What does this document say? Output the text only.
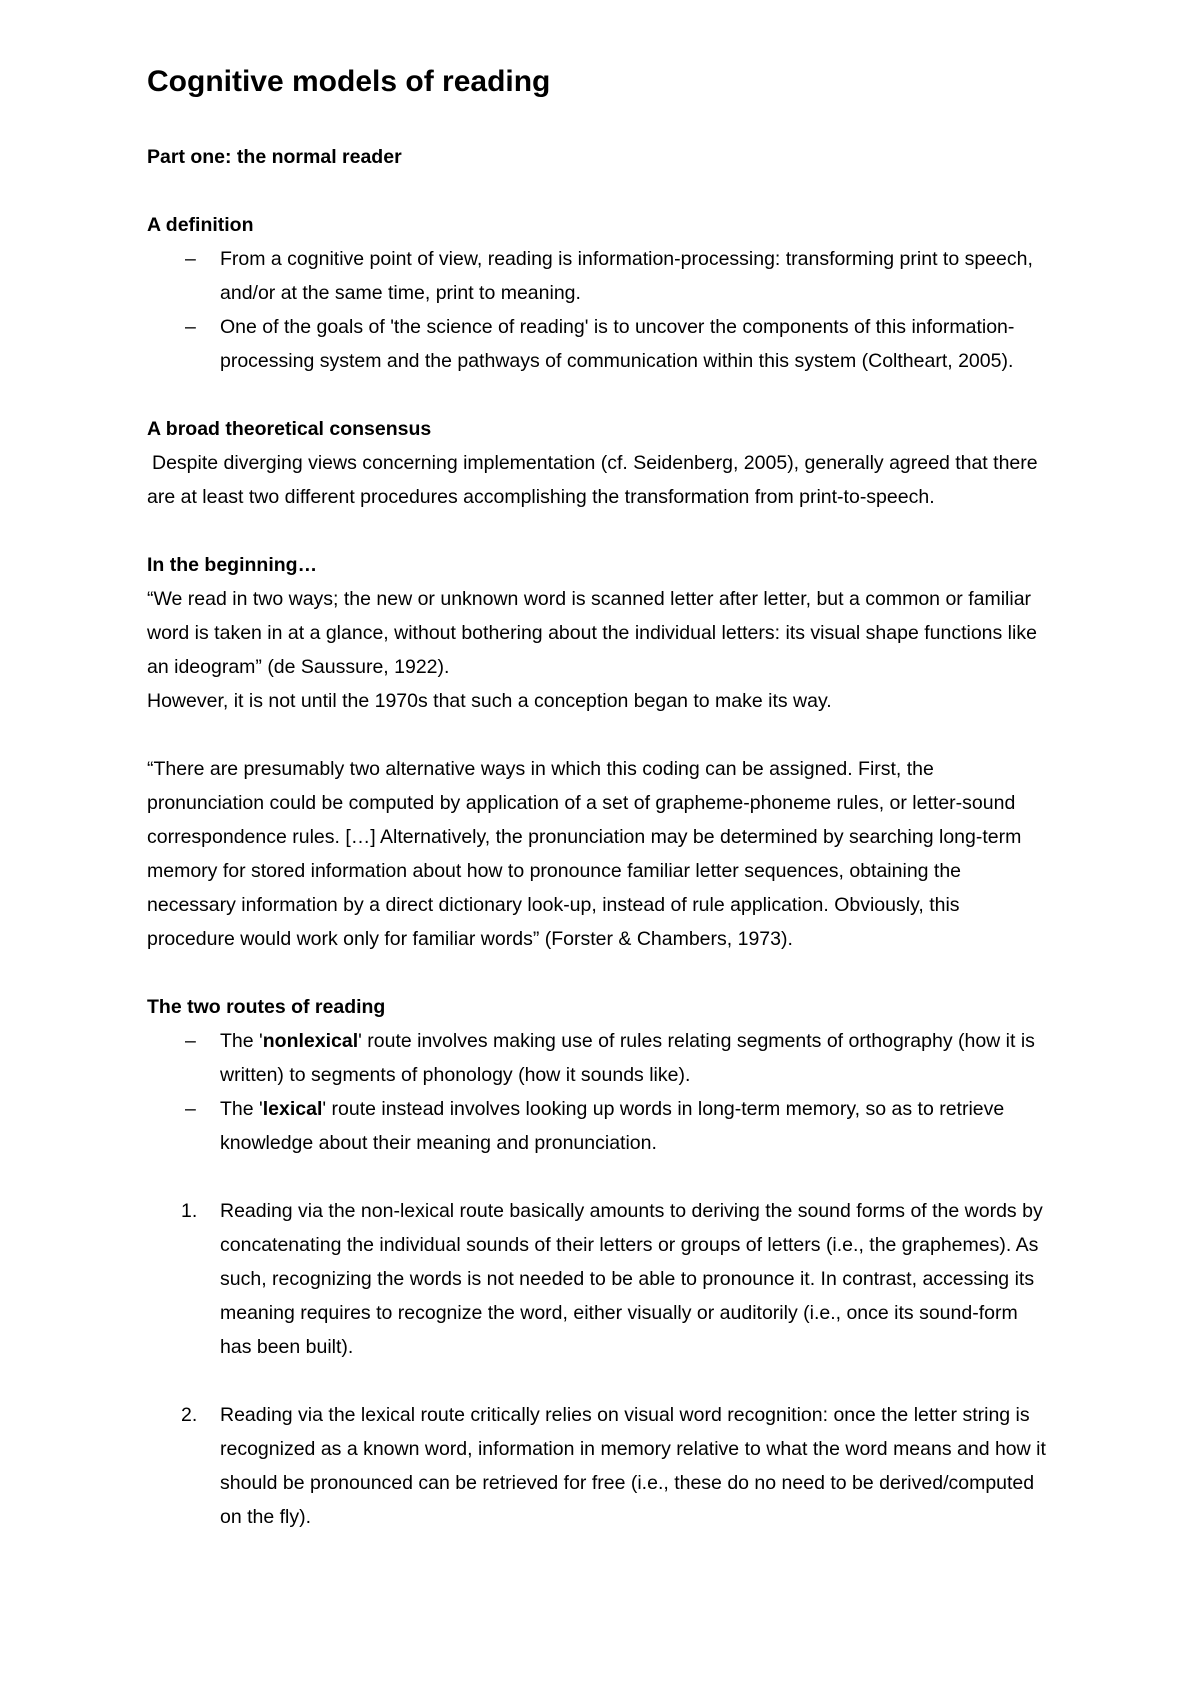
Cognitive models of reading
Part one: the normal reader
A definition
– From a cognitive point of view, reading is information-processing: transforming print to speech, and/or at the same time, print to meaning.
– One of the goals of 'the science of reading' is to uncover the components of this information-processing system and the pathways of communication within this system (Coltheart, 2005).
A broad theoretical consensus

Despite diverging views concerning implementation (cf. Seidenberg, 2005), generally agreed that there are at least two different procedures accomplishing the transformation from print-to-speech.

In the beginning…

“We read in two ways; the new or unknown word is scanned letter after letter, but a common or familiar word is taken in at a glance, without bothering about the individual letters: its visual shape functions like an ideogram” (de Saussure, 1922).

However, it is not until the 1970s that such a conception began to make its way.

“There are presumably two alternative ways in which this coding can be assigned. First, the pronunciation could be computed by application of a set of grapheme-phoneme rules, or letter-sound correspondence rules. […] Alternatively, the pronunciation may be determined by searching long-term memory for stored information about how to pronounce familiar letter sequences, obtaining the necessary information by a direct dictionary look-up, instead of rule application. Obviously, this procedure would work only for familiar words” (Forster & Chambers, 1973).

The two routes of reading
– The 'nonlexical' route involves making use of rules relating segments of orthography (how it is written) to segments of phonology (how it sounds like).
– The 'lexical' route instead involves looking up words in long-term memory, so as to retrieve knowledge about their meaning and pronunciation.
1. Reading via the non-lexical route basically amounts to deriving the sound forms of the words by concatenating the individual sounds of their letters or groups of letters (i.e., the graphemes). As such, recognizing the words is not needed to be able to pronounce it. In contrast, accessing its meaning requires to recognize the word, either visually or auditorily (i.e., once its sound-form has been built).
2. Reading via the lexical route critically relies on visual word recognition: once the letter string is recognized as a known word, information in memory relative to what the word means and how it should be pronounced can be retrieved for free (i.e., these do no need to be derived/computed on the fly).
